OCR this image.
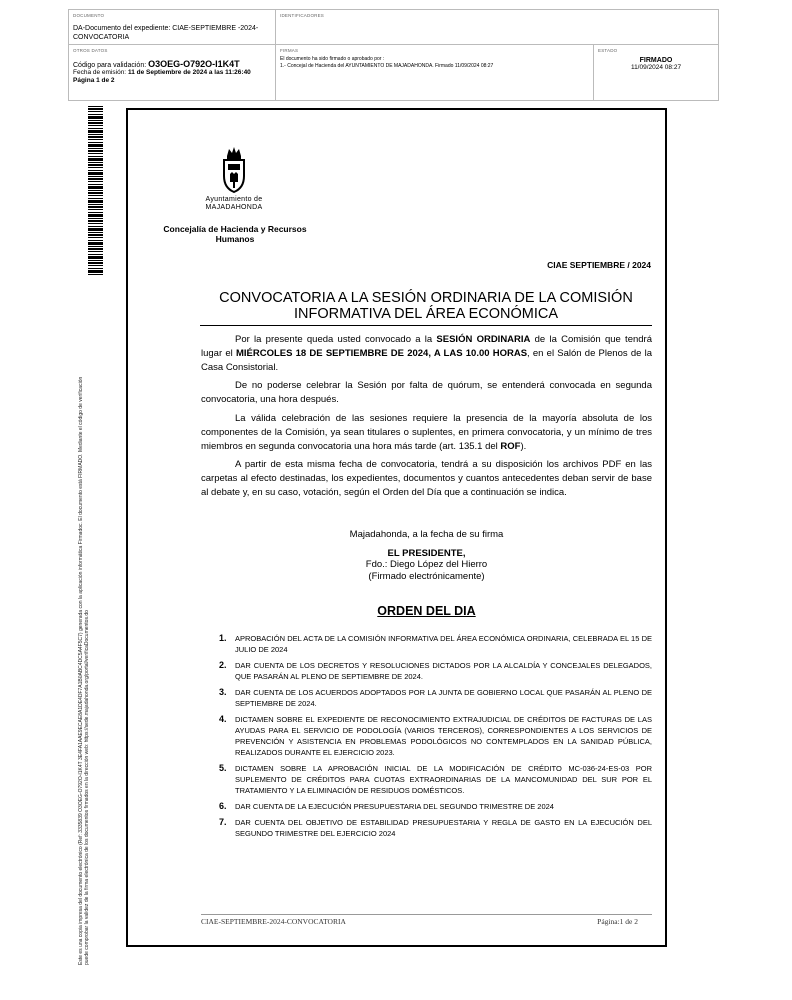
DOCUMENTO
DA-Documento del expediente: CIAE-SEPTIEMBRE -2024-CONVOCATORIA
IDENTIFICADORES
OTROS DATOS
Código para validación: O3OEG-O792O-I1K4T
Fecha de emisión: 11 de Septiembre de 2024 a las 11:26:40
Página 1 de 2
FIRMAS
El documento ha sido firmado o aprobado por :
1.- Concejal de Hacienda del AYUNTAMIENTO DE MAJADAHONDA. Firmado 11/09/2024 08:27
ESTADO
FIRMADO
11/09/2024 08:27
Este es una copia impresa del documento electrónico (Ref: 3335839 O3OEG-O792O-I1K4T 3E4FA1AAE9ECAE8A1DE4DF7A1B0ABC4DC5A4F5C7) generada con la aplicación informática Firmadoc. El documento está FIRMADO. Mediante el código de verificación puede comprobar la validez de la firma electrónica de los documentos firmados en la dirección web: https://sede.majadahonda.org/portal/verificaDocumentos.do
Ayuntamiento de
MAJADAHONDA
Concejalía de Hacienda y Recursos Humanos
CIAE SEPTIEMBRE / 2024
CONVOCATORIA A LA SESIÓN ORDINARIA DE LA COMISIÓN INFORMATIVA DEL ÁREA ECONÓMICA

Por la presente queda usted convocado a la SESIÓN ORDINARIA de la Comisión que tendrá lugar el MIÉRCOLES 18 DE SEPTIEMBRE DE 2024, A LAS 10.00 HORAS, en el Salón de Plenos de la Casa Consistorial.

De no poderse celebrar la Sesión por falta de quórum, se entenderá convocada en segunda convocatoria, una hora después.

La válida celebración de las sesiones requiere la presencia de la mayoría absoluta de los componentes de la Comisión, ya sean titulares o suplentes, en primera convocatoria, y un mínimo de tres miembros en segunda convocatoria una hora más tarde (art. 135.1 del ROF).

A partir de esta misma fecha de convocatoria, tendrá a su disposición los archivos PDF en las carpetas al efecto destinadas, los expedientes, documentos y cuantos antecedentes deban servir de base al debate y, en su caso, votación, según el Orden del Día que a continuación se indica.

Majadahonda, a la fecha de su firma
EL PRESIDENTE,
Fdo.: Diego López del Hierro
(Firmado electrónicamente)
ORDEN DEL DIA
1. APROBACIÓN DEL ACTA DE LA COMISIÓN INFORMATIVA DEL ÁREA ECONÓMICA ORDINARIA, CELEBRADA EL 15 DE JULIO DE 2024
2. DAR CUENTA DE LOS DECRETOS Y RESOLUCIONES DICTADOS POR LA ALCALDÍA Y CONCEJALES DELEGADOS, QUE PASARÁN AL PLENO DE SEPTIEMBRE DE 2024.
3. DAR CUENTA DE LOS ACUERDOS ADOPTADOS POR LA JUNTA DE GOBIERNO LOCAL QUE PASARÁN AL PLENO DE SEPTIEMBRE DE 2024.
4. DICTAMEN SOBRE EL EXPEDIENTE DE RECONOCIMIENTO EXTRAJUDICIAL DE CRÉDITOS DE FACTURAS DE LAS AYUDAS PARA EL SERVICIO DE PODOLOGÍA (VARIOS TERCEROS), CORRESPONDIENTES A LOS SERVICIOS DE PREVENCIÓN Y ASISTENCIA EN PROBLEMAS PODOLÓGICOS NO CONTEMPLADOS EN LA SANIDAD PÚBLICA, REALIZADOS DURANTE EL EJERCICIO 2023.
5. DICTAMEN SOBRE LA APROBACIÓN INICIAL DE LA MODIFICACIÓN DE CRÉDITO MC-036-24-ES-03 POR SUPLEMENTO DE CRÉDITOS PARA CUOTAS EXTRAORDINARIAS DE LA MANCOMUNIDAD DEL SUR POR EL TRATAMIENTO Y LA ELIMINACIÓN DE RESIDUOS DOMÉSTICOS.
6. DAR CUENTA DE LA EJECUCIÓN PRESUPUESTARIA DEL SEGUNDO TRIMESTRE DE 2024
7. DAR CUENTA DEL OBJETIVO DE ESTABILIDAD PRESUPUESTARIA Y REGLA DE GASTO EN LA EJECUCIÓN DEL SEGUNDO TRIMESTRE DEL EJERCICIO 2024
CIAE-SEPTIEMBRE-2024-CONVOCATORIA	Página:1 de 2
